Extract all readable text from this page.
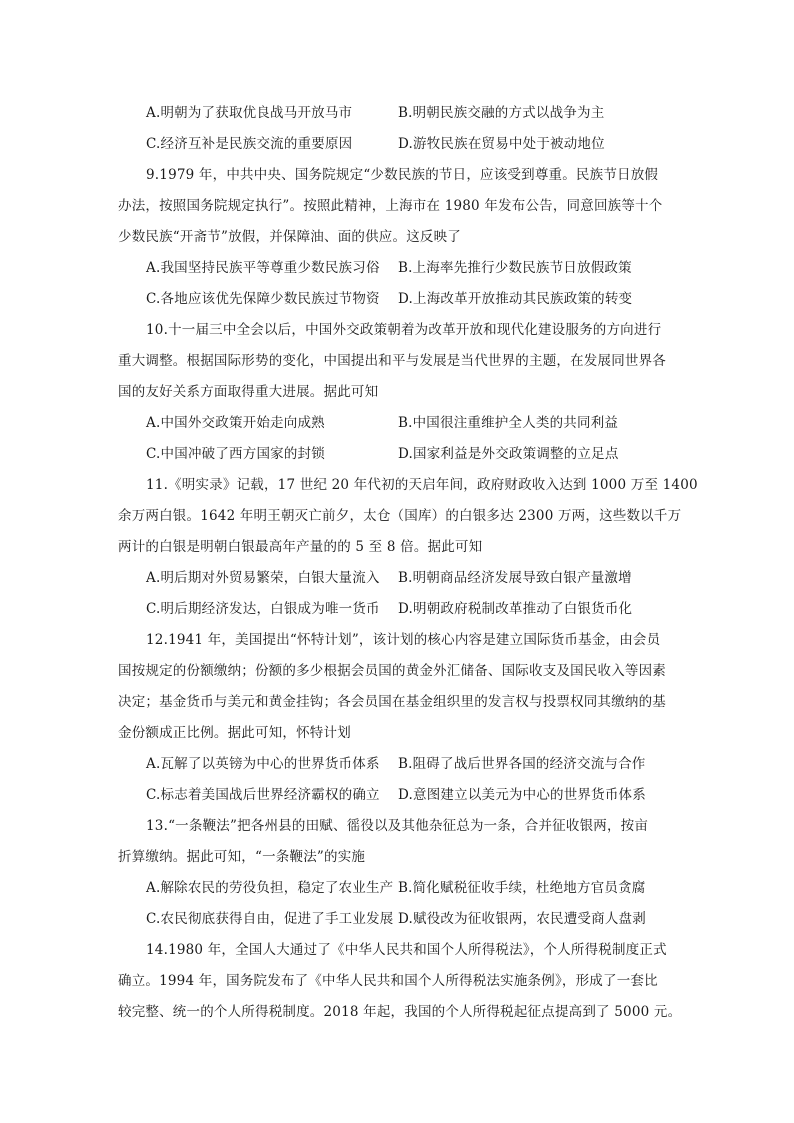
A.明朝为了获取优良战马开放马市	B.明朝民族交融的方式以战争为主
C.经济互补是民族交流的重要原因	D.游牧民族在贸易中处于被动地位
9.1979 年，中共中央、国务院规定“少数民族的节日，应该受到尊重。民族节日放假
办法，按照国务院规定执行”。按照此精神，上海市在 1980 年发布公告，同意回族等十个
少数民族“开斋节”放假，并保障油、面的供应。这反映了
A.我国坚持民族平等尊重少数民族习俗 B.上海率先推行少数民族节日放假政策
C.各地应该优先保障少数民族过节物资 D.上海改革开放推动其民族政策的转变
10.十一届三中全会以后，中国外交政策朝着为改革开放和现代化建设服务的方向进行
重大调整。根据国际形势的变化，中国提出和平与发展是当代世界的主题，在发展同世界各
国的友好关系方面取得重大进展。据此可知
A.中国外交政策开始走向成熟	B.中国很注重维护全人类的共同利益
C.中国冲破了西方国家的封锁	D.国家利益是外交政策调整的立足点
11.《明实录》记载，17 世纪 20 年代初的天启年间，政府财政收入达到 1000 万至 1400
余万两白银。1642 年明王朝灭亡前夕，太仓（国库）的白银多达 2300 万两，这些数以千万
两计的白银是明朝白银最高年产量的的 5 至 8 倍。据此可知
A.明后期对外贸易繁荣，白银大量流入 B.明朝商品经济发展导致白银产量激增
C.明后期经济发达，白银成为唯一货币 D.明朝政府税制改革推动了白银货币化
12.1941 年，美国提出“怀特计划”，该计划的核心内容是建立国际货币基金，由会员
国按规定的份额缴纳；份额的多少根据会员国的黄金外汇储备、国际收支及国民收入等因素
决定；基金货币与美元和黄金挂钩；各会员国在基金组织里的发言权与投票权同其缴纳的基
金份额成正比例。据此可知，怀特计划
A.瓦解了以英镑为中心的世界货币体系 B.阻碍了战后世界各国的经济交流与合作
C.标志着美国战后世界经济霸权的确立 D.意图建立以美元为中心的世界货币体系
13.“一条鞭法”把各州县的田赋、徭役以及其他杂征总为一条，合并征收银两，按亩
折算缴纳。据此可知，“一条鞭法”的实施
A.解除农民的劳役负担，稳定了农业生产 B.简化赋税征收手续，杜绝地方官员贪腐
C.农民彻底获得自由，促进了手工业发展 D.赋役改为征收银两，农民遭受商人盘剥
14.1980 年，全国人大通过了《中华人民共和国个人所得税法》，个人所得税制度正式
确立。1994 年，国务院发布了《中华人民共和国个人所得税法实施条例》，形成了一套比
较完整、统一的个人所得税制度。2018 年起，我国的个人所得税起征点提高到了 5000 元。
